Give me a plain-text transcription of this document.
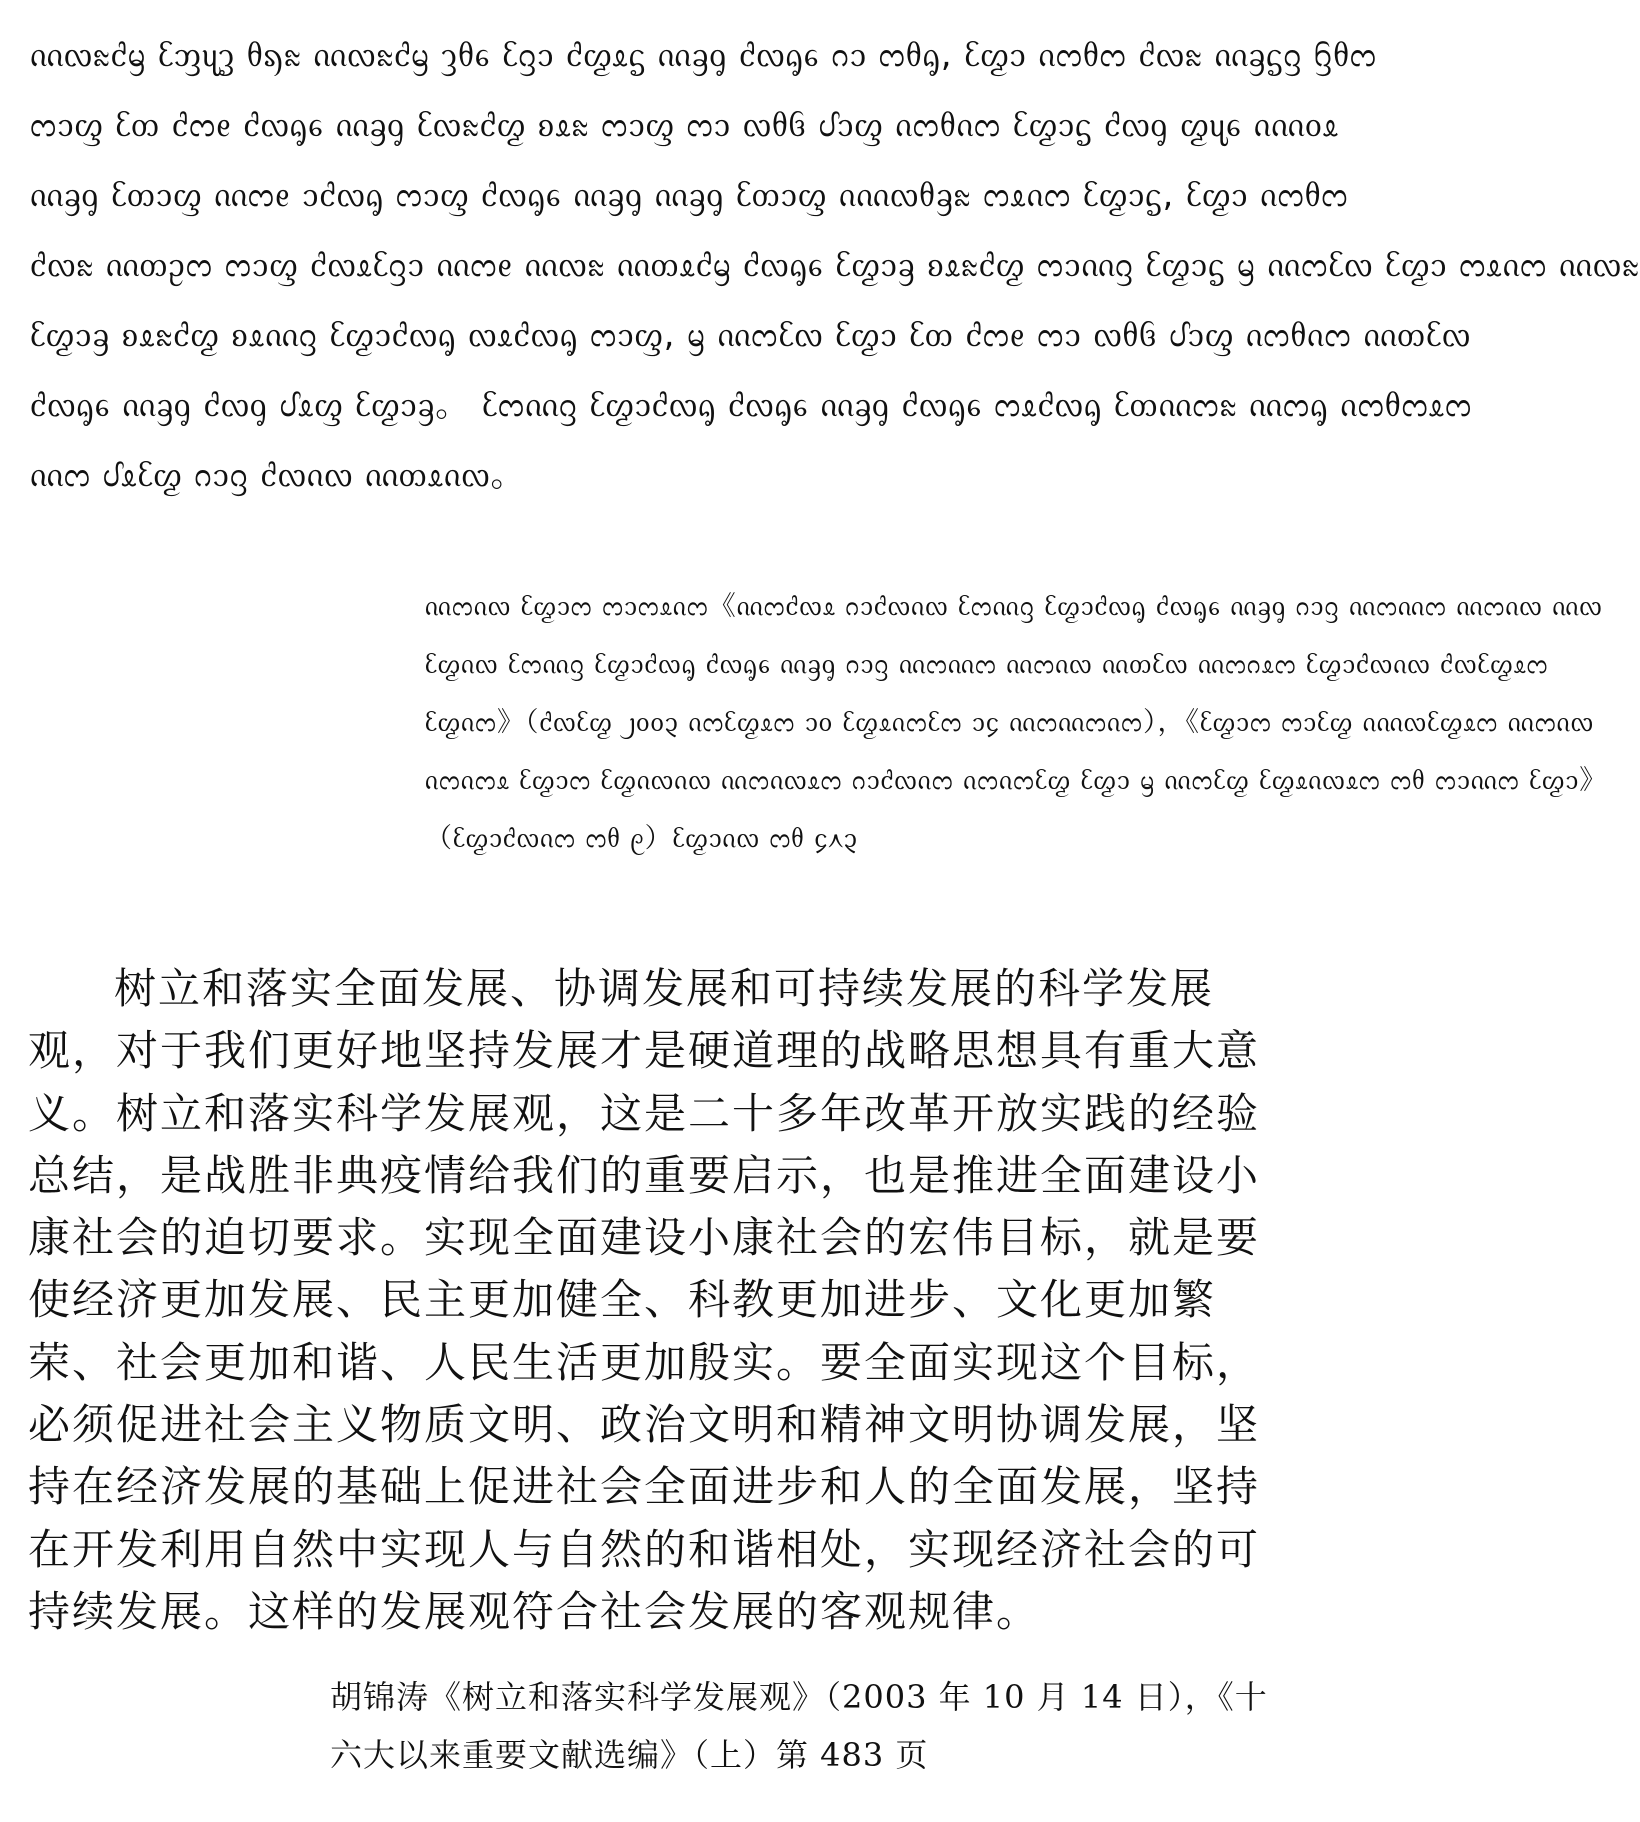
ᦶᦟᦰᦺᦙ ᦷᦀᦴᧆ ᦲᦣᦰ ᦶᦟᦰᦺᦙ ᦡᦲᧈ ᦷᦋᦱ ᦺᦖᦸᧃ ᦶᦃᧁ ᦺᦟᧂᧈ ᦅᦱ ᦂᦲᧂ, ᦷᦖᦱ ᦵᦂᦲᦂ ᦺᦟᦰ ᦶᦃᧃᦋ ᦌᦲᦂ
ᦂᦱᦐ ᦷᦎ ᦺᦂᧉ ᦺᦟᧂᧈ ᦶᦃᧁ ᦷᦟᦰᦺᦖ ᦈᦸᦰ ᦂᦱᦐ ᦂᦱ ᦟᦲᦑ ᦔᦱᦐ ᦵᦂᦲᦵᦂ ᦷᦖᦱᧃ ᦺᦟᧁ ᦖᦴᧈ ᦵᦶᦞᦸ
ᦶᦃᧁ ᦷᦎᦱᦐ ᦶᦂᧉ ᦱᦺᦟᧂ ᦂᦱᦐ ᦺᦟᧂᧈ ᦶᦃᧁ ᦶᦃᧁ ᦷᦎᦱᦐ ᦵᦶᦟᦲᦃᦰ ᦂᦸᦵᦂ ᦷᦖᦱᧃ, ᦷᦖᦱ ᦵᦂᦲᦂ
ᦺᦟᦰ ᦶᦎᦳᦂ ᦂᦱᦐ ᦺᦟᦸᦷᦋᦱ ᦶᦂᧉ ᦶᦟᦰ ᦶᦎᦸᦺᦙ ᦺᦟᧂᧈ ᦷᦖᦱᦃ ᦈᦸᦰᦺᦖ ᦂᦱᦶᦋ ᦷᦖᦱᧃ ᦙ ᦶᦂᦷᦟ ᦷᦖᦱ ᦂᦸᦵᦂ ᦶᦟᦰ
ᦷᦖᦱᦃ ᦈᦸᦰᦺᦖ ᦈᦸᦶᦋ ᦷᦖᦱᦺᦟᧂ ᦟᦸᦺᦟᧂ ᦂᦱᦐ, ᦙ ᦶᦂᦷᦟ ᦷᦖᦱ ᦷᦎ ᦺᦂᧉ ᦂᦱ ᦟᦲᦑ ᦔᦱᦐ ᦵᦂᦲᦵᦂ ᦶᦎᦷᦟ
ᦺᦟᧂᧈ ᦶᦃᧁ ᦺᦟᧁ ᦔᦸᦐ ᦷᦖᦱᦃ。 ᦷᦂᦶᦋ ᦷᦖᦱᦺᦟᧂ ᦺᦟᧂᧈ ᦶᦃᧁ ᦺᦟᧂᧈ ᦂᦸᦺᦟᧂ ᦷᦎᦶᦂᦰ ᦶᦂᧂ ᦵᦂᦲᦂᦸᦂ
ᦶᦂ ᦔᦸᦷᦖ ᦅᦱᦋ ᦺᦟᦵᦟ ᦶᦎᦸᦵᦟ。
ᦶᦂᦵᦟ ᦷᦖᦱᦂ ᦂᦱᦂᦸᦵᦂ《ᦶᦂᦺᦟᦸ ᦅᦱᦺᦟᦵᦟ ᦷᦂᦶᦋ ᦷᦖᦱᦺᦟᧂ ᦺᦟᧂᧈ ᦶᦃᧁ ᦅᦱᦋ ᦶᦂᦶᦂ ᦶᦂᦵᦟ ᦶᦟ
ᦷᦖᦵᦟ ᦷᦂᦶᦋ ᦷᦖᦱᦺᦟᧂ ᦺᦟᧂᧈ ᦶᦃᧁ ᦅᦱᦋ ᦶᦂᦶᦂ ᦶᦂᦵᦟ ᦶᦎᦷᦟ ᦶᦂᦅᦸᦂ ᦷᦖᦱᦺᦟᦵᦟ ᦺᦟᦷᦖᦸᦂ
ᦷᦖᦵᦂ》（ᦺᦟᦷᦖ ᧒᧐᧐᧓ ᦵᦂᦷᦖᦸᦂ ᧑᧐ ᦷᦖᦸᦵᦂᦷᦂ ᧑᧔ ᦶᦂᦶᦂᦵᦂ），《ᦷᦖᦱᦂ ᦂᦱᦷᦖ ᦵᦶᦟᦷᦖᦸᦂ ᦶᦂᦵᦟ
ᦵᦂᦵᦂᦸ ᦷᦖᦱᦂ ᦷᦖᦵᦟᦵᦟ ᦶᦂᦵᦟᦸᦂ ᦅᦱᦺᦟᦵᦂ ᦵᦂᦵᦂᦷᦖ ᦷᦖᦱ ᦙ ᦶᦂᦷᦖ ᦷᦖᦸᦵᦟᦸᦂ ᦂᦲ ᦂᦱᦶᦂ ᦷᦖᦱ》
（ᦷᦖᦱᦺᦟᦵᦂ ᦂᦲ ᧙）ᦷᦖᦱᦵᦟ ᦂᦲ ᧔᧘᧓
树立和落实全面发展、协调发展和可持续发展的科学发展
观，对于我们更好地坚持发展才是硬道理的战略思想具有重大意
义。树立和落实科学发展观，这是二十多年改革开放实践的经验
总结，是战胜非典疫情给我们的重要启示，也是推进全面建设小
康社会的迫切要求。实现全面建设小康社会的宏伟目标，就是要
使经济更加发展、民主更加健全、科教更加进步、文化更加繁
荣、社会更加和谐、人民生活更加殷实。要全面实现这个目标，
必须促进社会主义物质文明、政治文明和精神文明协调发展，坚
持在经济发展的基础上促进社会全面进步和人的全面发展，坚持
在开发利用自然中实现人与自然的和谐相处，实现经济社会的可
持续发展。这样的发展观符合社会发展的客观规律。
胡锦涛《树立和落实科学发展观》（2003 年 10 月 14 日），《十
六大以来重要文献选编》（上）第 483 页
